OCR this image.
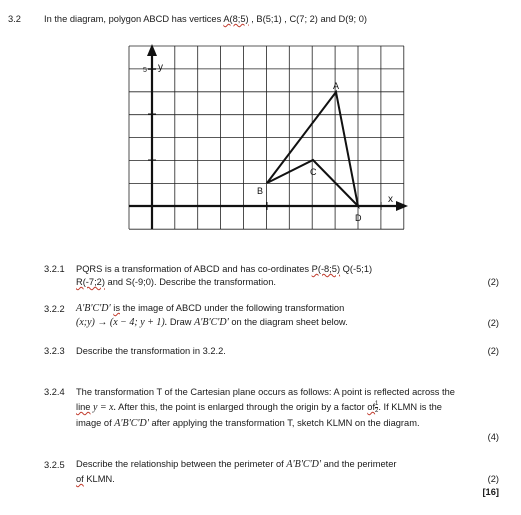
3.2 In the diagram, polygon ABCD has vertices A(8;5) , B(5;1) , C(7; 2) and D(9; 0)
5 y
x
A
B
C
D
3.2.1 PQRS is a transformation of ABCD and has co-ordinates P(-8;5) Q(-5;1)
R(-7;2) and S(-9;0). Describe the transformation.	(2)
3.2.2 A'B'C'D' is the image of ABCD under the following transformation
(x;y) → (x − 4; y + 1). Draw A'B'C'D' on the diagram sheet below.	(2)
3.2.3 Describe the transformation in 3.2.2.	(2)
3.2.4 The transformation T of the Cartesian plane occurs as follows: A point is reflected across the
line y = x. After this, the point is enlarged through the origin by a factor of $\frac{1}{2}$ . If KLMN is the
image of A'B'C'D' after applying the transformation T, sketch KLMN on the diagram.
(4)
3.2.5 Describe the relationship between the perimeter of A'B'C'D' and the perimeter
of KLMN.	(2)
[16]
